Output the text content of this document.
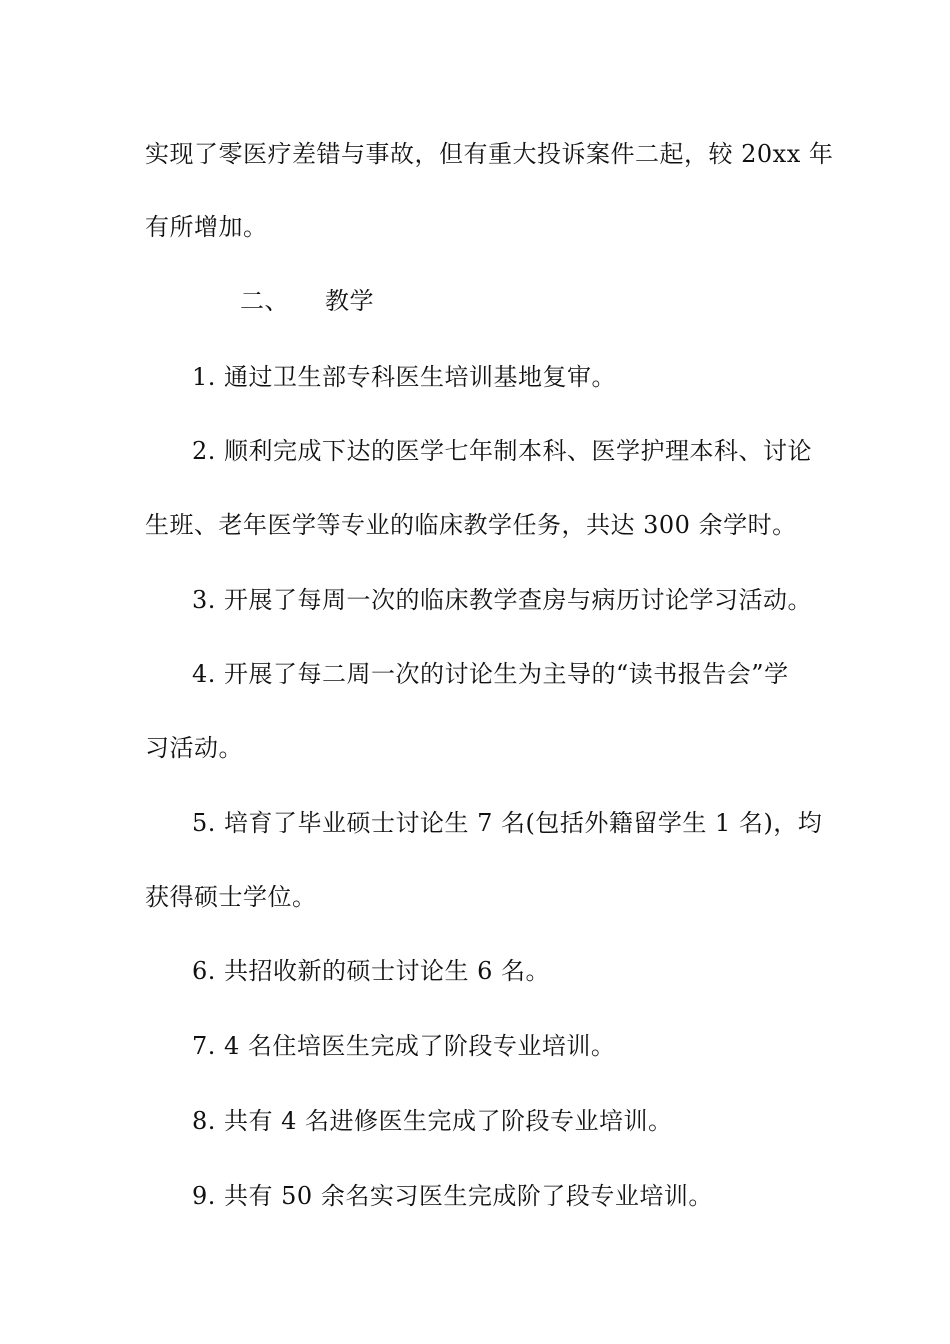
实现了零医疗差错与事故，但有重大投诉案件二起，较 20xx 年
有所增加。
二、 教学
1. 通过卫生部专科医生培训基地复审。
2. 顺利完成下达的医学七年制本科、医学护理本科、讨论
生班、老年医学等专业的临床教学任务，共达 300 余学时。
3. 开展了每周一次的临床教学查房与病历讨论学习活动。
4. 开展了每二周一次的讨论生为主导的“读书报告会”学
习活动。
5. 培育了毕业硕士讨论生 7 名(包括外籍留学生 1 名)，均
获得硕士学位。
6. 共招收新的硕士讨论生 6 名。
7. 4 名住培医生完成了阶段专业培训。
8. 共有 4 名进修医生完成了阶段专业培训。
9. 共有 50 余名实习医生完成阶了段专业培训。
